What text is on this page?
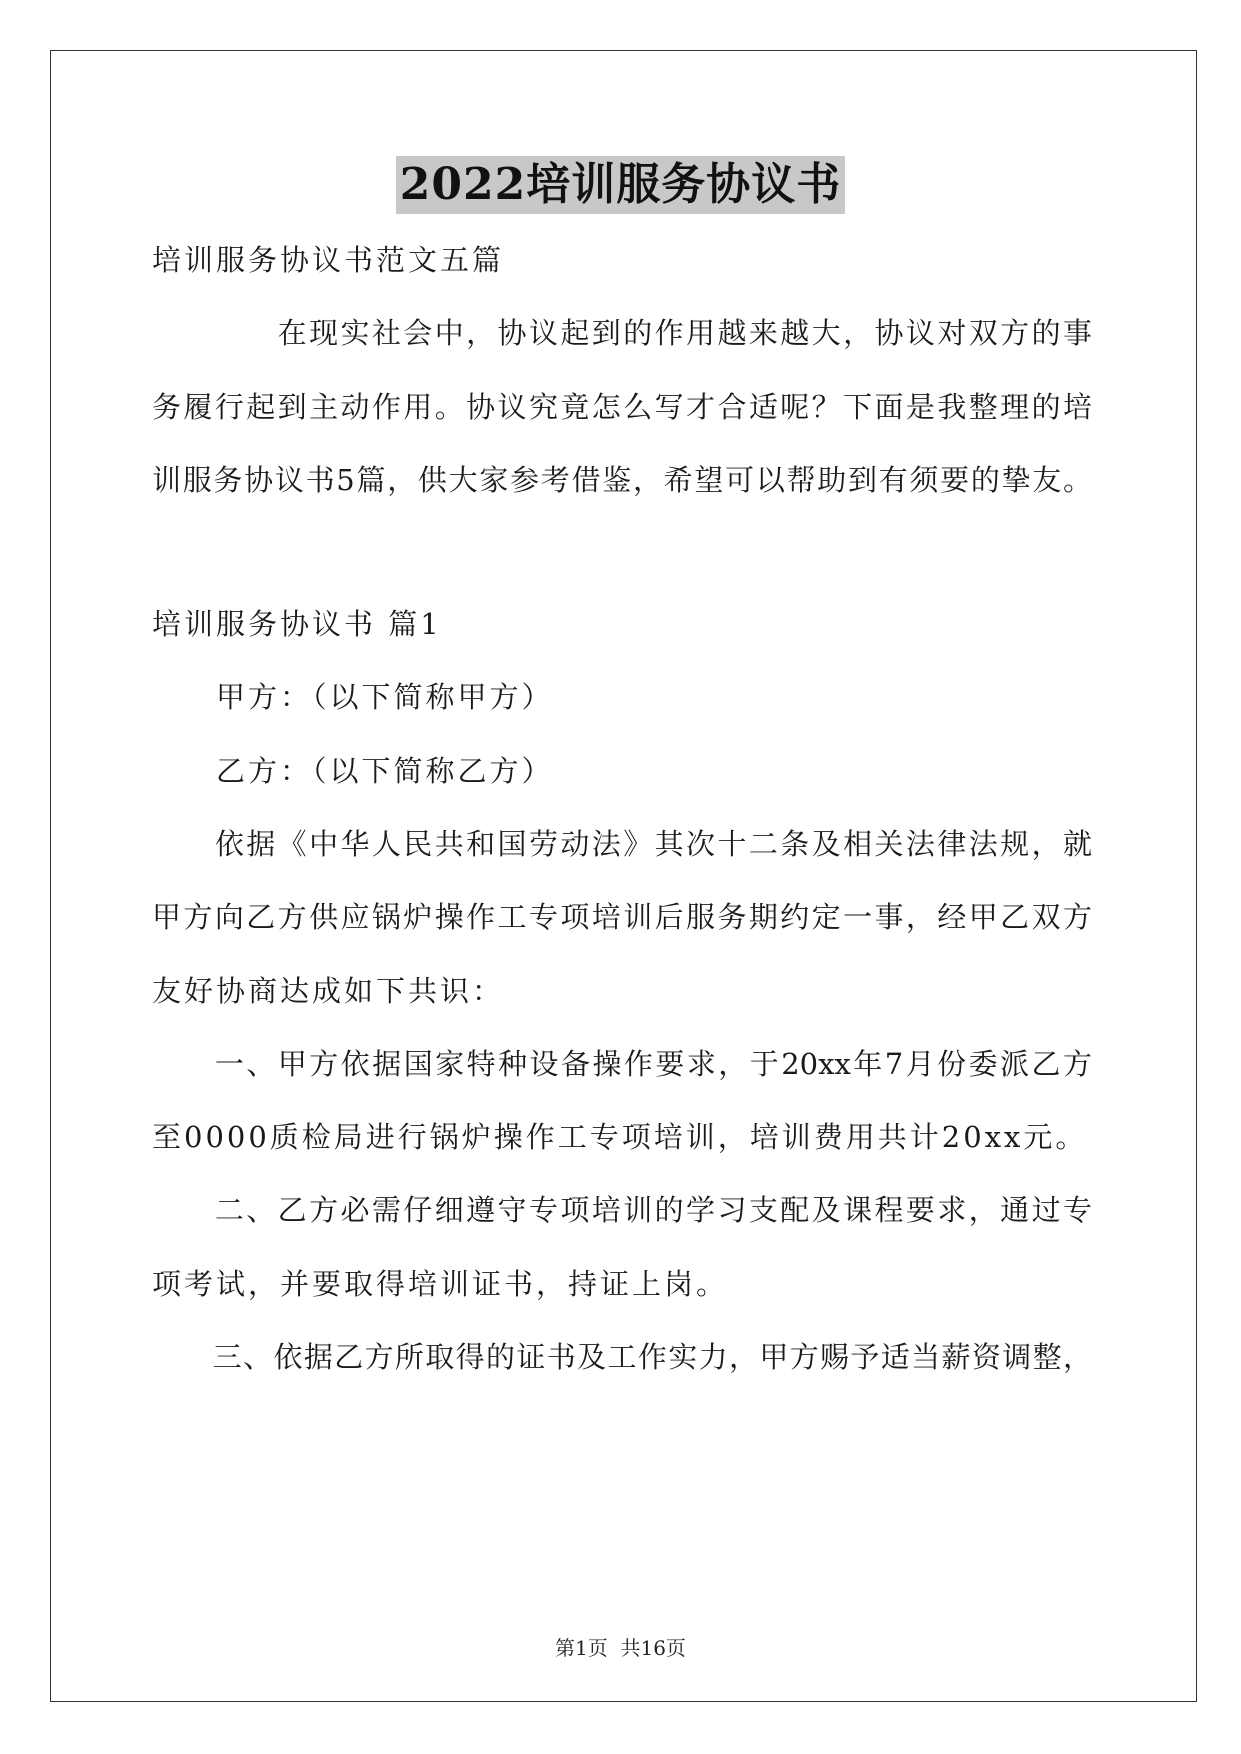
2022培训服务协议书
培训服务协议书范文五篇
　　　　在现实社会中，协议起到的作用越来越大，协议对双方的事
务履行起到主动作用。协议究竟怎么写才合适呢？下面是我整理的培
训服务协议书5篇，供大家参考借鉴，希望可以帮助到有须要的挚友。
培训服务协议书 篇1
　　甲方：（以下简称甲方）
　　乙方：（以下简称乙方）
　　依据《中华人民共和国劳动法》其次十二条及相关法律法规，就
甲方向乙方供应锅炉操作工专项培训后服务期约定一事，经甲乙双方
友好协商达成如下共识：
　　一、甲方依据国家特种设备操作要求，于20xx年7月份委派乙方
至0000质检局进行锅炉操作工专项培训，培训费用共计20xx元。
　　二、乙方必需仔细遵守专项培训的学习支配及课程要求，通过专
项考试，并要取得培训证书，持证上岗。
　　三、依据乙方所取得的证书及工作实力，甲方赐予适当薪资调整，
第1页  共16页
